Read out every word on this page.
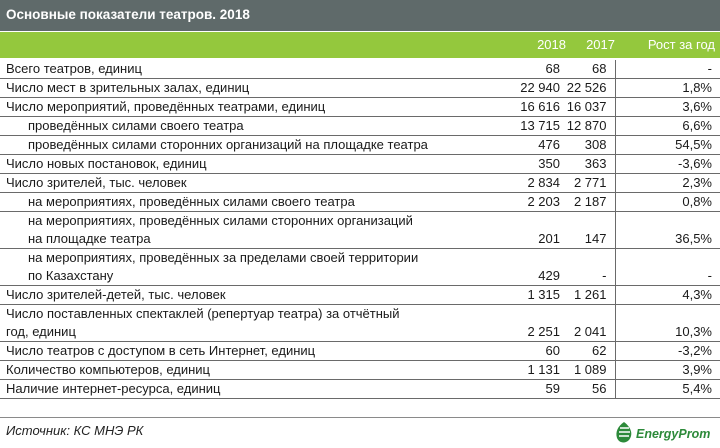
Основные показатели театров. 2018
2018	2017	Рост за год
Всего театров, единиц	68	68	-
Число мест в зрительных залах, единиц	22 940	22 526	1,8%
Число мероприятий, проведённых театрами, единиц	16 616	16 037	3,6%
проведённых силами своего театра	13 715	12 870	6,6%
проведённых силами сторонних организаций на площадке театра	476	308	54,5%
Число новых постановок, единиц	350	363	-3,6%
Число зрителей, тыс. человек	2 834	2 771	2,3%
на мероприятиях, проведённых силами своего театра	2 203	2 187	0,8%
на мероприятиях, проведённых силами сторонних организаций
на площадке театра	201	147	36,5%
на мероприятиях, проведённых за пределами своей территории
по Казахстану	429	-	-
Число зрителей-детей, тыс. человек	1 315	1 261	4,3%
Число поставленных спектаклей (репертуар театра) за отчётный
год, единиц	2 251	2 041	10,3%
Число театров с доступом в сеть Интернет, единиц	60	62	-3,2%
Количество компьютеров, единиц	1 131	1 089	3,9%
Наличие интернет-ресурса, единиц	59	56	5,4%
Источник: КС МНЭ РК	EnergyProm
